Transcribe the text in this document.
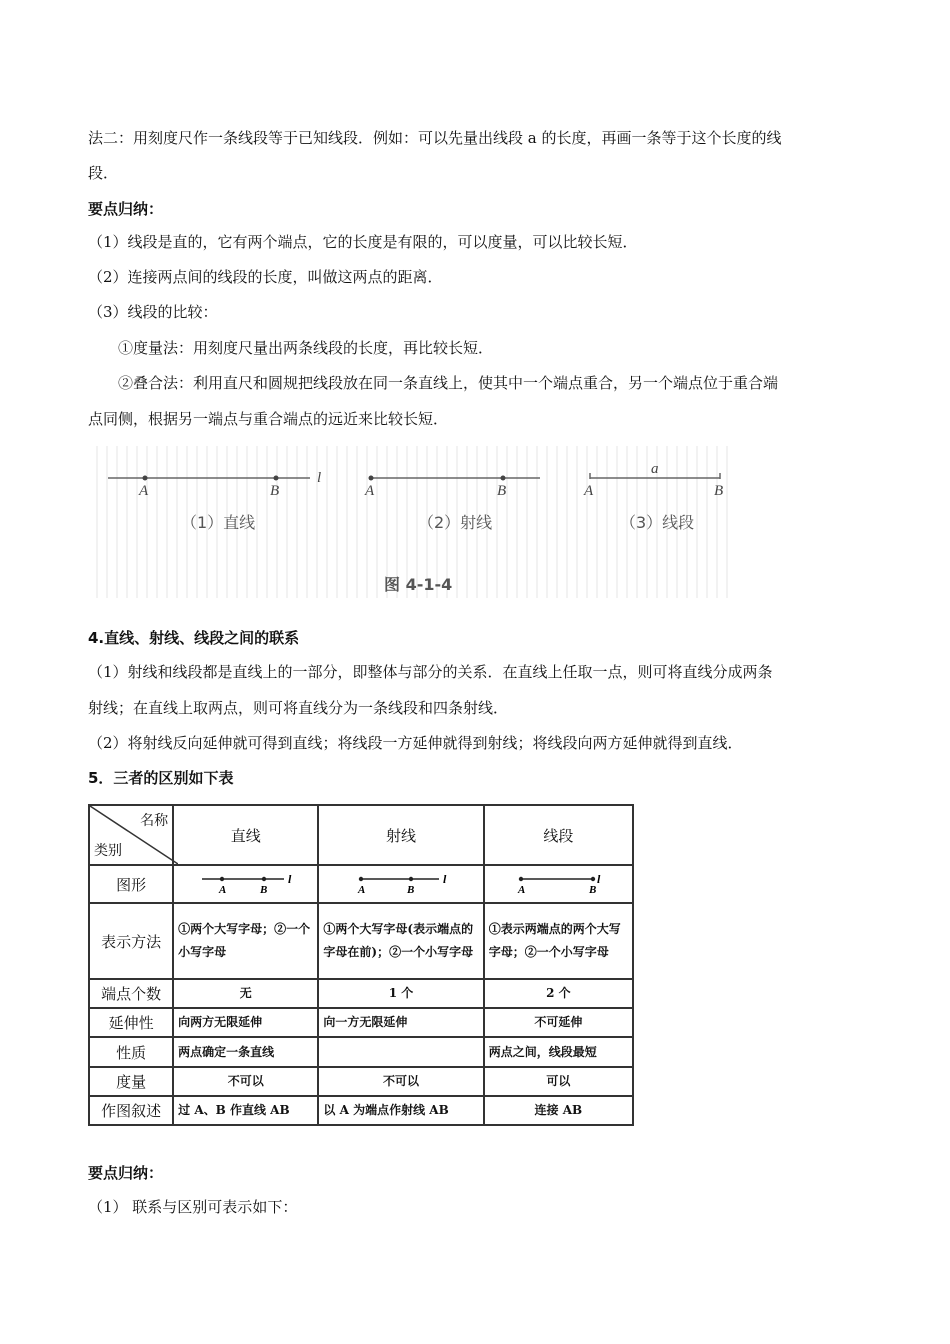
法二：用刻度尺作一条线段等于已知线段．例如：可以先量出线段 a 的长度，再画一条等于这个长度的线
段．
要点归纳：
（1）线段是直的，它有两个端点，它的长度是有限的，可以度量，可以比较长短．
（2）连接两点间的线段的长度，叫做这两点的距离．
（3）线段的比较：
①度量法：用刻度尺量出两条线段的长度，再比较长短．
②叠合法：利用直尺和圆规把线段放在同一条直线上，使其中一个端点重合，另一个端点位于重合端
点同侧，根据另一端点与重合端点的远近来比较长短．
A	B
l
A	B	A	B
a
（1）直线	（2）射线	（3）线段
图 4-1-4
4.直线、射线、线段之间的联系
（1）射线和线段都是直线上的一部分，即整体与部分的关系．在直线上任取一点，则可将直线分成两条
射线；在直线上取两点，则可将直线分为一条线段和四条射线．
（2）将射线反向延伸就可得到直线；将线段一方延伸就得到射线；将线段向两方延伸就得到直线．
5．三者的区别如下表
名称
类别	直线	射线	线段
图形	A B
l	A B
l	A B
l

表示方法	①两个大写字母；②一个小写字母	①两个大写字母(表示端点的字母在前)；②一个小写字母	①表示两端点的两个大写字母；②一个小写字母
端点个数	无	1 个	2 个
延伸性	向两方无限延伸	向一方无限延伸	不可延伸
性质	两点确定一条直线		两点之间，线段最短
度量	不可以	不可以	可以
作图叙述	过 A、B 作直线 AB	以 A 为端点作射线 AB	连接 AB
要点归纳：
（1） 联系与区别可表示如下：
